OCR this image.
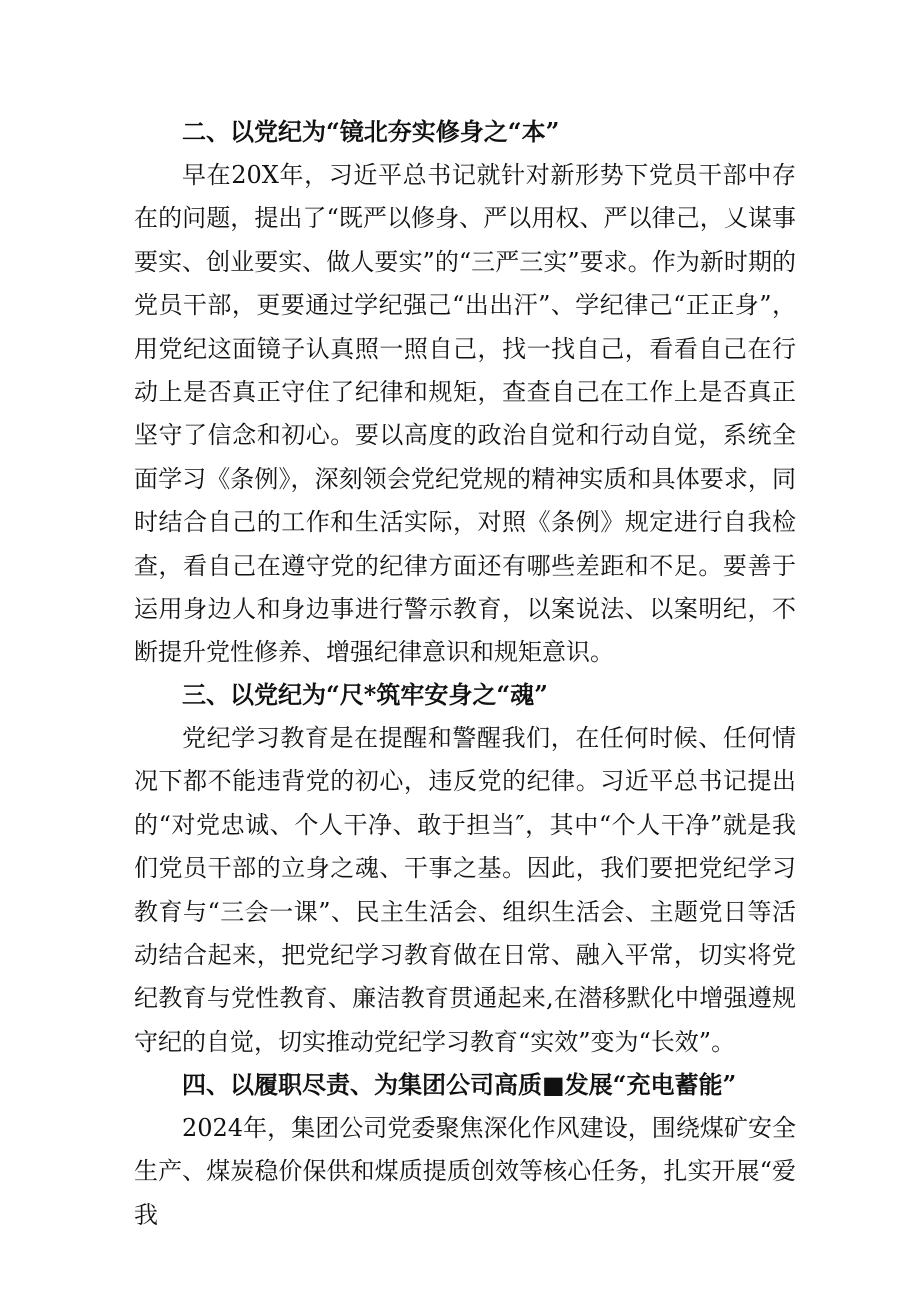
二、以党纪为“镜北夯实修身之“本”

早在20X年，习近平总书记就针对新形势下党员干部中存在的问题，提出了“既严以修身、严以用权、严以律己，乂谋事要实、创业要实、做人要实”的“三严三实”要求。作为新时期的党员干部，更要通过学纪强己“出出汗”、学纪律己“正正身”，用党纪这面镜子认真照一照自己，找一找自己，看看自己在行动上是否真正守住了纪律和规矩，查查自己在工作上是否真正坚守了信念和初心。要以高度的政治自觉和行动自觉，系统全面学习《条例》，深刻领会党纪党规的精神实质和具体要求，同时结合自己的工作和生活实际，对照《条例》规定进行自我检查，看自己在遵守党的纪律方面还有哪些差距和不足。要善于运用身边人和身边事进行警示教育，以案说法、以案明纪，不断提升党性修养、增强纪律意识和规矩意识。

三、以党纪为“尺*筑牢安身之“魂”

党纪学习教育是在提醒和警醒我们，在任何时候、任何情况下都不能违背党的初心，违反党的纪律。习近平总书记提出的“对党忠诚、个人干净、敢于担当″，其中“个人干净”就是我们党员干部的立身之魂、干事之基。因此，我们要把党纪学习教育与“三会一课”、民主生活会、组织生活会、主题党日等活动结合起来，把党纪学习教育做在日常、融入平常，切实将党纪教育与党性教育、廉洁教育贯通起来,在潜移默化中增强遵规守纪的自觉，切实推动党纪学习教育“实效”变为“长效”。

四、以履职尽责、为集团公司高质■发展“充电蓄能”

2024年，集团公司党委聚焦深化作风建设，围绕煤矿安全生产、煤炭稳价保供和煤质提质创效等核心任务，扎实开展“爱我
